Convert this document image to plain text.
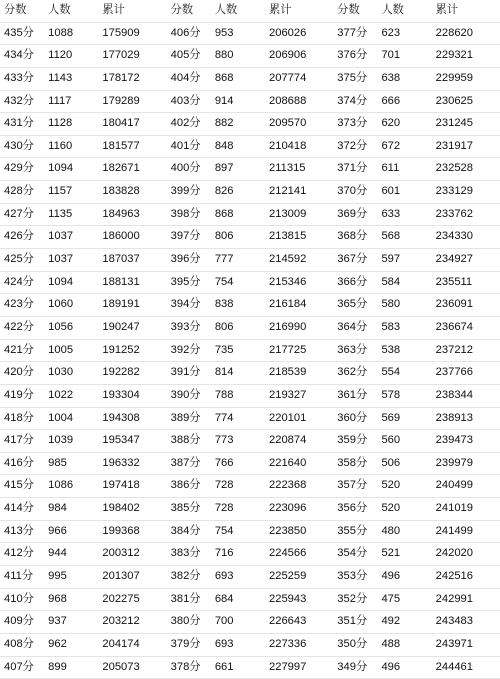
分数	人数	累计	分数	人数	累计	分数	人数	累计
435分	1088	175909	406分	953	206026	377分	623	228620
434分	1120	177029	405分	880	206906	376分	701	229321
433分	1143	178172	404分	868	207774	375分	638	229959
432分	1117	179289	403分	914	208688	374分	666	230625
431分	1128	180417	402分	882	209570	373分	620	231245
430分	1160	181577	401分	848	210418	372分	672	231917
429分	1094	182671	400分	897	211315	371分	611	232528
428分	1157	183828	399分	826	212141	370分	601	233129
427分	1135	184963	398分	868	213009	369分	633	233762
426分	1037	186000	397分	806	213815	368分	568	234330
425分	1037	187037	396分	777	214592	367分	597	234927
424分	1094	188131	395分	754	215346	366分	584	235511
423分	1060	189191	394分	838	216184	365分	580	236091
422分	1056	190247	393分	806	216990	364分	583	236674
421分	1005	191252	392分	735	217725	363分	538	237212
420分	1030	192282	391分	814	218539	362分	554	237766
419分	1022	193304	390分	788	219327	361分	578	238344
418分	1004	194308	389分	774	220101	360分	569	238913
417分	1039	195347	388分	773	220874	359分	560	239473
416分	985	196332	387分	766	221640	358分	506	239979
415分	1086	197418	386分	728	222368	357分	520	240499
414分	984	198402	385分	728	223096	356分	520	241019
413分	966	199368	384分	754	223850	355分	480	241499
412分	944	200312	383分	716	224566	354分	521	242020
411分	995	201307	382分	693	225259	353分	496	242516
410分	968	202275	381分	684	225943	352分	475	242991
409分	937	203212	380分	700	226643	351分	492	243483
408分	962	204174	379分	693	227336	350分	488	243971
407分	899	205073	378分	661	227997	349分	496	244461
